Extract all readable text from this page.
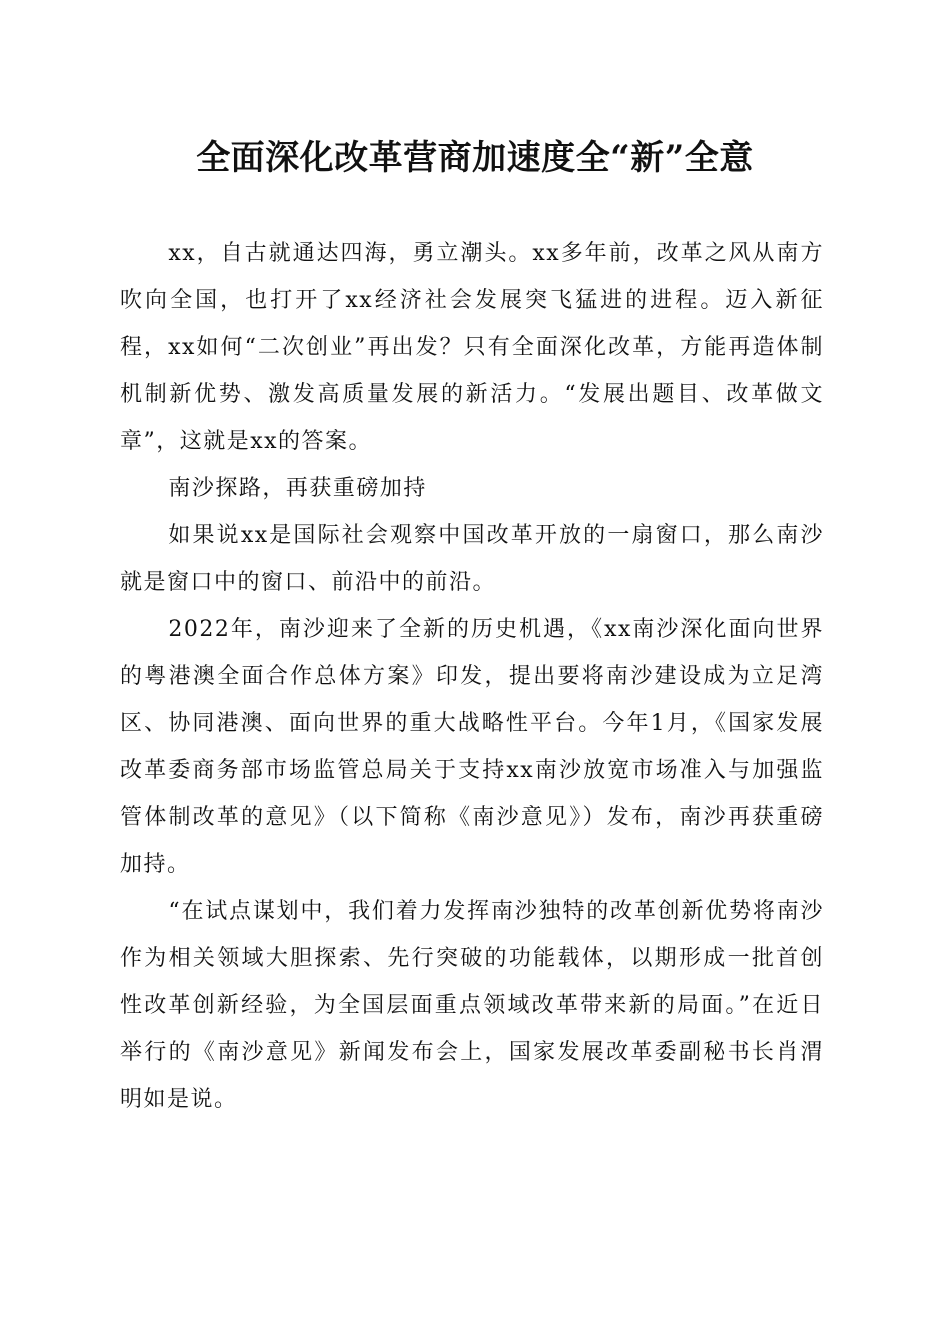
全面深化改革营商加速度全“新”全意

xx，自古就通达四海，勇立潮头。xx多年前，改革之风从南方吹向全国，也打开了xx经济社会发展突飞猛进的进程。迈入新征程，xx如何“二次创业”再出发？只有全面深化改革，方能再造体制机制新优势、激发高质量发展的新活力。“发展出题目、改革做文章”，这就是xx的答案。

南沙探路，再获重磅加持

如果说xx是国际社会观察中国改革开放的一扇窗口，那么南沙就是窗口中的窗口、前沿中的前沿。

2022年，南沙迎来了全新的历史机遇，《xx南沙深化面向世界的粤港澳全面合作总体方案》印发，提出要将南沙建设成为立足湾区、协同港澳、面向世界的重大战略性平台。今年1月，《国家发展改革委商务部市场监管总局关于支持xx南沙放宽市场准入与加强监管体制改革的意见》（以下简称《南沙意见》）发布，南沙再获重磅加持。

“在试点谋划中，我们着力发挥南沙独特的改革创新优势将南沙作为相关领域大胆探索、先行突破的功能载体，以期形成一批首创性改革创新经验，为全国层面重点领域改革带来新的局面。”在近日举行的《南沙意见》新闻发布会上，国家发展改革委副秘书长肖渭明如是说。
